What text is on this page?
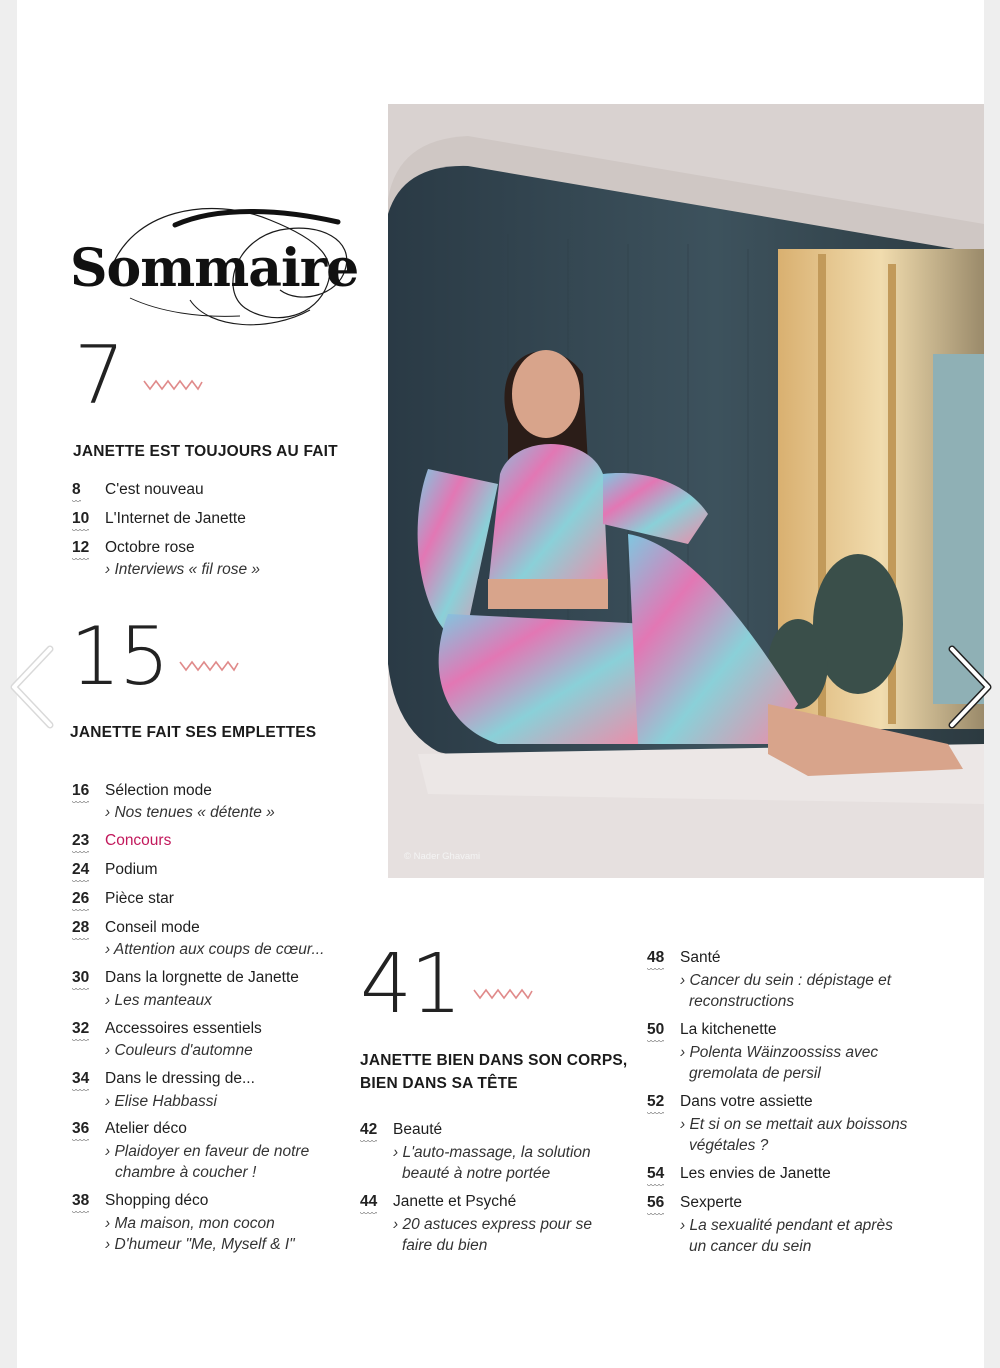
Sommaire
7
JANETTE EST TOUJOURS AU FAIT
8 C'est nouveau
10 L'Internet de Janette
12 Octobre rose
› Interviews « fil rose »
15
JANETTE FAIT SES EMPLETTES
16 Sélection mode
› Nos tenues « détente »
23 Concours
24 Podium
26 Pièce star
28 Conseil mode
› Attention aux coups de cœur...
30 Dans la lorgnette de Janette
› Les manteaux
32 Accessoires essentiels
› Couleurs d'automne
34 Dans le dressing de...
› Elise Habbassi
36 Atelier déco
› Plaidoyer en faveur de notre
chambre à coucher !
38 Shopping déco
› Ma maison, mon cocon
› D'humeur "Me, Myself & I"
41
JANETTE BIEN DANS SON CORPS,
BIEN DANS SA TÊTE
42 Beauté
› L'auto-massage, la solution
beauté à notre portée
44 Janette et Psyché
› 20 astuces express pour se
faire du bien
48 Santé
› Cancer du sein : dépistage et
reconstructions
50 La kitchenette
› Polenta Wäinzoossiss avec
gremolata de persil
52 Dans votre assiette
› Et si on se mettait aux boissons
végétales ?
54 Les envies de Janette
56 Sexperte
› La sexualité pendant et après
un cancer du sein
© Nader Ghavami
